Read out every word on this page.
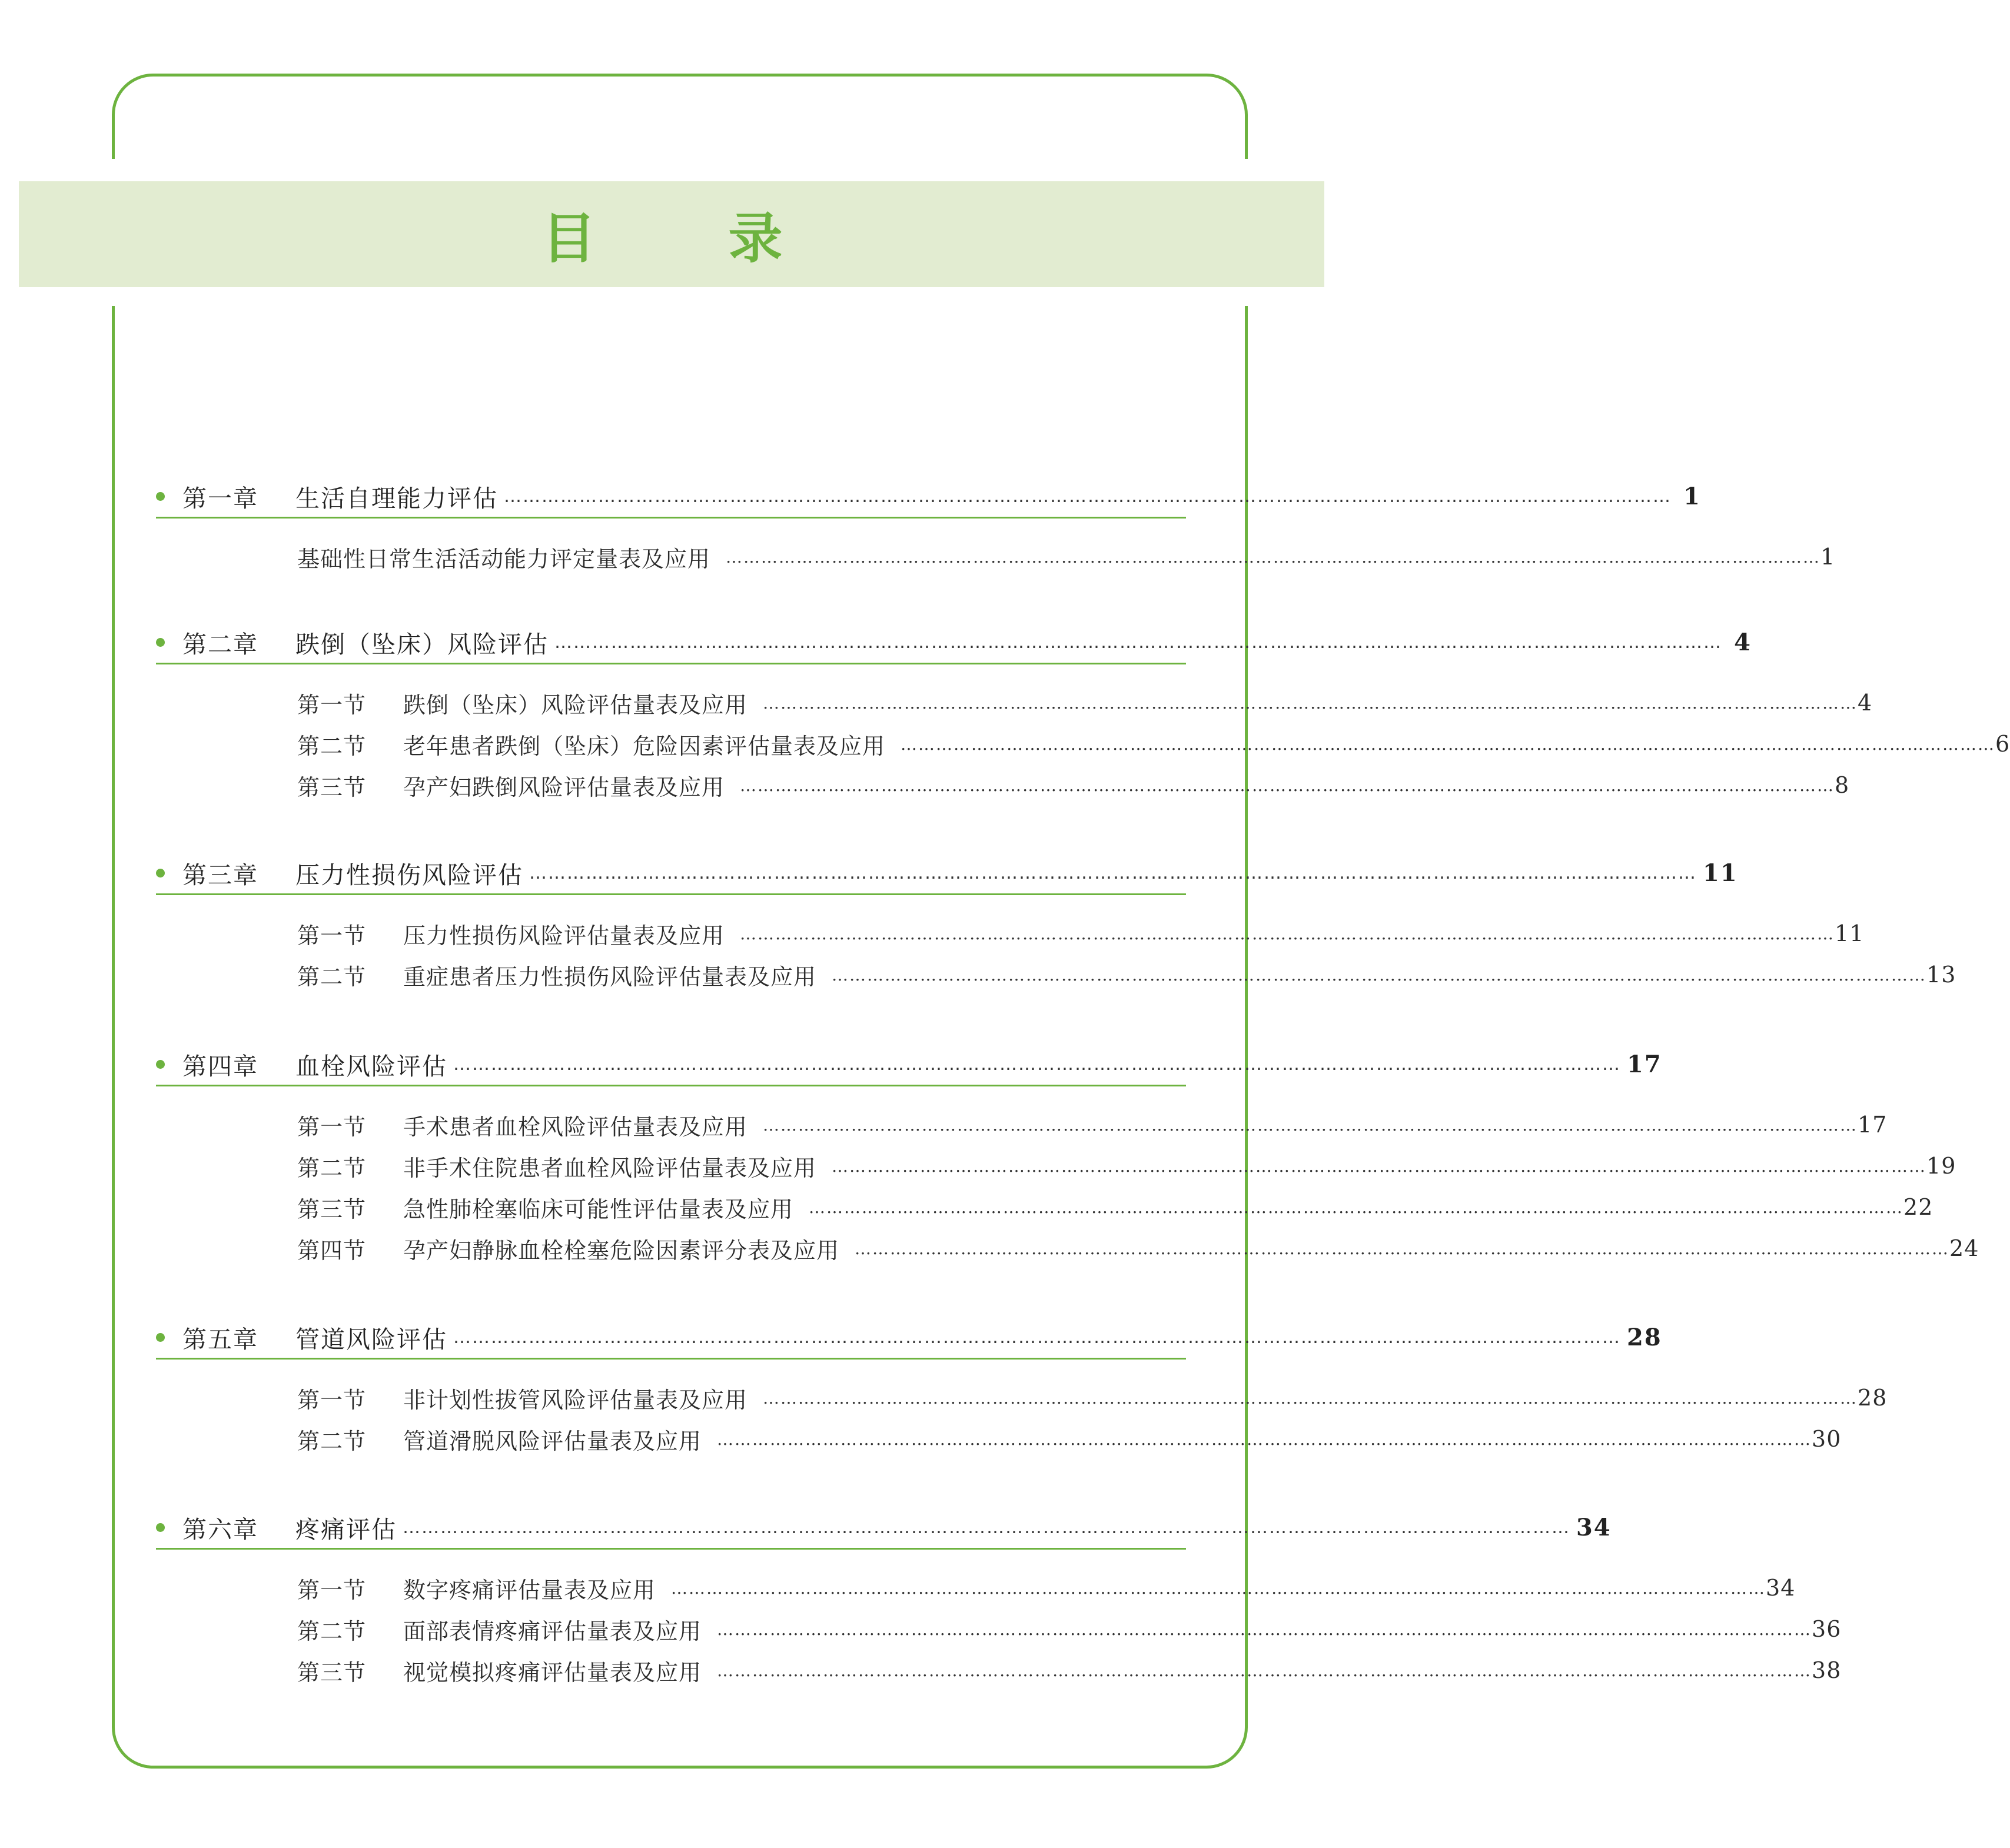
目 录
第一章	生活自理能力评估 …………………………………………………………………………………………………………………………………………………………………… 1
基础性日常生活活动能力评定量表及应用 …………………………………………………………………………………………………………………………………………………………………… 1
第二章	跌倒（坠床）风险评估 …………………………………………………………………………………………………………………………………………………………………… 4
第一节	跌倒（坠床）风险评估量表及应用 …………………………………………………………………………………………………………………………………………………………………… 4
第二节	老年患者跌倒（坠床）危险因素评估量表及应用 …………………………………………………………………………………………………………………………………………………………………… 6
第三节	孕产妇跌倒风险评估量表及应用 …………………………………………………………………………………………………………………………………………………………………… 8
第三章	压力性损伤风险评估 …………………………………………………………………………………………………………………………………………………………………… 11
第一节	压力性损伤风险评估量表及应用 …………………………………………………………………………………………………………………………………………………………………… 11
第二节	重症患者压力性损伤风险评估量表及应用 …………………………………………………………………………………………………………………………………………………………………… 13
第四章	血栓风险评估 …………………………………………………………………………………………………………………………………………………………………… 17
第一节	手术患者血栓风险评估量表及应用 …………………………………………………………………………………………………………………………………………………………………… 17
第二节	非手术住院患者血栓风险评估量表及应用 …………………………………………………………………………………………………………………………………………………………………… 19
第三节	急性肺栓塞临床可能性评估量表及应用 …………………………………………………………………………………………………………………………………………………………………… 22
第四节	孕产妇静脉血栓栓塞危险因素评分表及应用 …………………………………………………………………………………………………………………………………………………………………… 24
第五章	管道风险评估 …………………………………………………………………………………………………………………………………………………………………… 28
第一节	非计划性拔管风险评估量表及应用 …………………………………………………………………………………………………………………………………………………………………… 28
第二节	管道滑脱风险评估量表及应用 …………………………………………………………………………………………………………………………………………………………………… 30
第六章	疼痛评估 …………………………………………………………………………………………………………………………………………………………………… 34
第一节	数字疼痛评估量表及应用 …………………………………………………………………………………………………………………………………………………………………… 34
第二节	面部表情疼痛评估量表及应用 …………………………………………………………………………………………………………………………………………………………………… 36
第三节	视觉模拟疼痛评估量表及应用 …………………………………………………………………………………………………………………………………………………………………… 38
